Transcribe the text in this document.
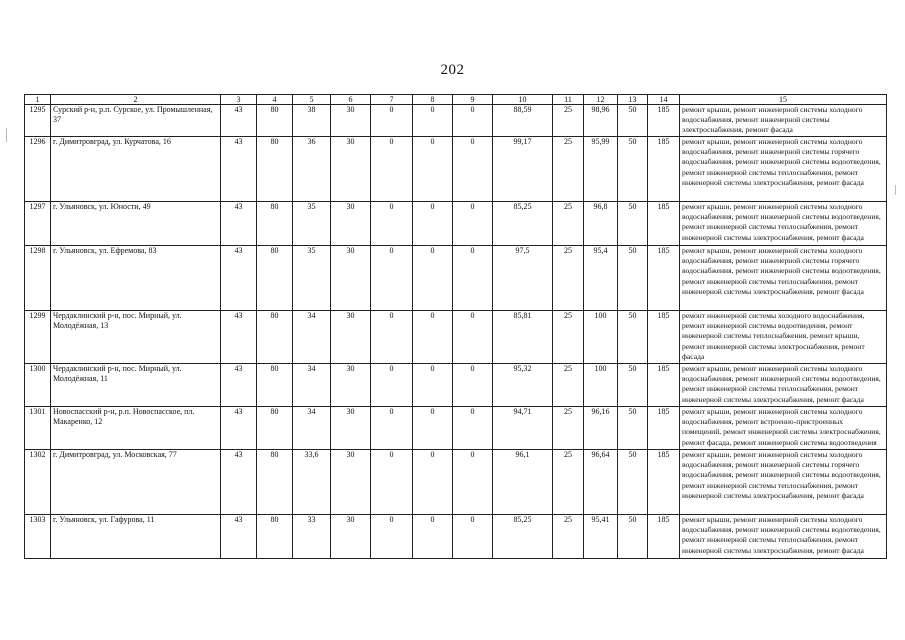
202
1	2	3	4	5	6	7	8	9	10	11	12	13	14	15
1295	Сурский р-н, р.п. Сурское, ул. Промышленная, 37	43	80	38	30	0	0	0	88,59	25	98,96	50	185	ремонт крыши, ремонт инженерной системы холодного водоснабжения, ремонт инженерной системы электроснабжения, ремонт фасада
1296	г. Димитровград, ул. Курчатова, 16	43	80	36	30	0	0	0	99,17	25	95,99	50	185	ремонт крыши, ремонт инженерной системы холодного водоснабжения, ремонт инженерной системы горячего водоснабжения, ремонт инженерной системы водоотведения, ремонт инженерной системы теплоснабжения, ремонт инженерной системы электроснабжения, ремонт фасада
1297	г. Ульяновск, ул. Юности, 49	43	80	35	30	0	0	0	85,25	25	96,8	50	185	ремонт крыши, ремонт инженерной системы холодного водоснабжения, ремонт инженерной системы водоотведения, ремонт инженерной системы теплоснабжения, ремонт инженерной системы электроснабжения, ремонт фасада
1298	г. Ульяновск, ул. Ефремова, 83	43	80	35	30	0	0	0	97,5	25	95,4	50	185	ремонт крыши, ремонт инженерной системы холодного водоснабжения, ремонт инженерной системы горячего водоснабжения, ремонт инженерной системы водоотведения, ремонт инженерной системы теплоснабжения, ремонт инженерной системы электроснабжения, ремонт фасада
1299	Чердаклинский р-н, пос. Мирный, ул. Молодёжная, 13	43	80	34	30	0	0	0	85,81	25	100	50	185	ремонт инженерной системы холодного водоснабжения, ремонт инженерной системы водоотведения, ремонт инженерной системы теплоснабжения, ремонт крыши, ремонт инженерной системы электроснабжения, ремонт фасада
1300	Чердаклинский р-н, пос. Мирный, ул. Молодёжная, 11	43	80	34	30	0	0	0	95,32	25	100	50	185	ремонт крыши, ремонт инженерной системы холодного водоснабжения, ремонт инженерной системы водоотведения, ремонт инженерной системы теплоснабжения, ремонт инженерной системы электроснабжения, ремонт фасада
1301	Новоспасский р-н, р.п. Новоспасское, пл. Макаренко, 12	43	80	34	30	0	0	0	94,71	25	96,16	50	185	ремонт крыши, ремонт инженерной системы холодного водоснабжения, ремонт встроенно-пристроенных помещений, ремонт инженерной системы электроснабжения, ремонт фасада, ремонт инженерной системы водоотведения
1302	г. Димитровград, ул. Московская, 77	43	80	33,6	30	0	0	0	96,1	25	96,64	50	185	ремонт крыши, ремонт инженерной системы холодного водоснабжения, ремонт инженерной системы горячего водоснабжения, ремонт инженерной системы водоотведения, ремонт инженерной системы теплоснабжения, ремонт инженерной системы электроснабжения, ремонт фасада
1303	г. Ульяновск, ул. Гафурова, 11	43	80	33	30	0	0	0	85,25	25	95,41	50	185	ремонт крыши, ремонт инженерной системы холодного водоснабжения, ремонт инженерной системы водоотведения, ремонт инженерной системы теплоснабжения, ремонт инженерной системы электроснабжения, ремонт фасада
